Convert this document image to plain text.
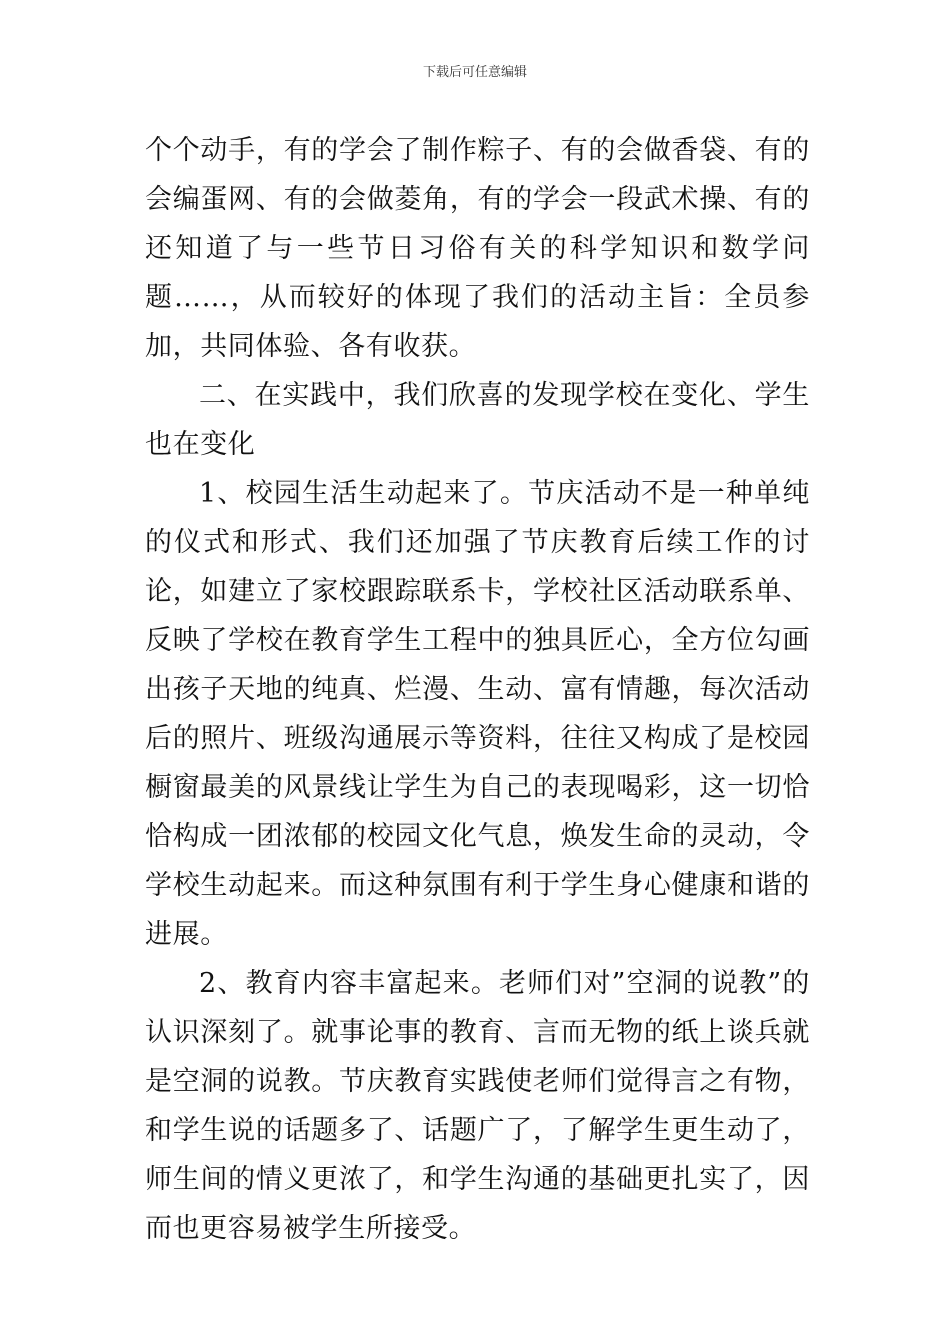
下载后可任意编辑

个个动手，有的学会了制作粽子、有的会做香袋、有的会编蛋网、有的会做菱角，有的学会一段武术操、有的还知道了与一些节日习俗有关的科学知识和数学问题……，从而较好的体现了我们的活动主旨：全员参加，共同体验、各有收获。

二、在实践中，我们欣喜的发现学校在变化、学生也在变化

1、校园生活生动起来了。节庆活动不是一种单纯的仪式和形式、我们还加强了节庆教育后续工作的讨论，如建立了家校跟踪联系卡，学校社区活动联系单、反映了学校在教育学生工程中的独具匠心，全方位勾画出孩子天地的纯真、烂漫、生动、富有情趣，每次活动后的照片、班级沟通展示等资料，往往又构成了是校园橱窗最美的风景线让学生为自己的表现喝彩，这一切恰恰构成一团浓郁的校园文化气息，焕发生命的灵动，令学校生动起来。而这种氛围有利于学生身心健康和谐的进展。

2、教育内容丰富起来。老师们对”空洞的说教”的认识深刻了。就事论事的教育、言而无物的纸上谈兵就是空洞的说教。节庆教育实践使老师们觉得言之有物，和学生说的话题多了、话题广了，了解学生更生动了，师生间的情义更浓了，和学生沟通的基础更扎实了，因而也更容易被学生所接受。
